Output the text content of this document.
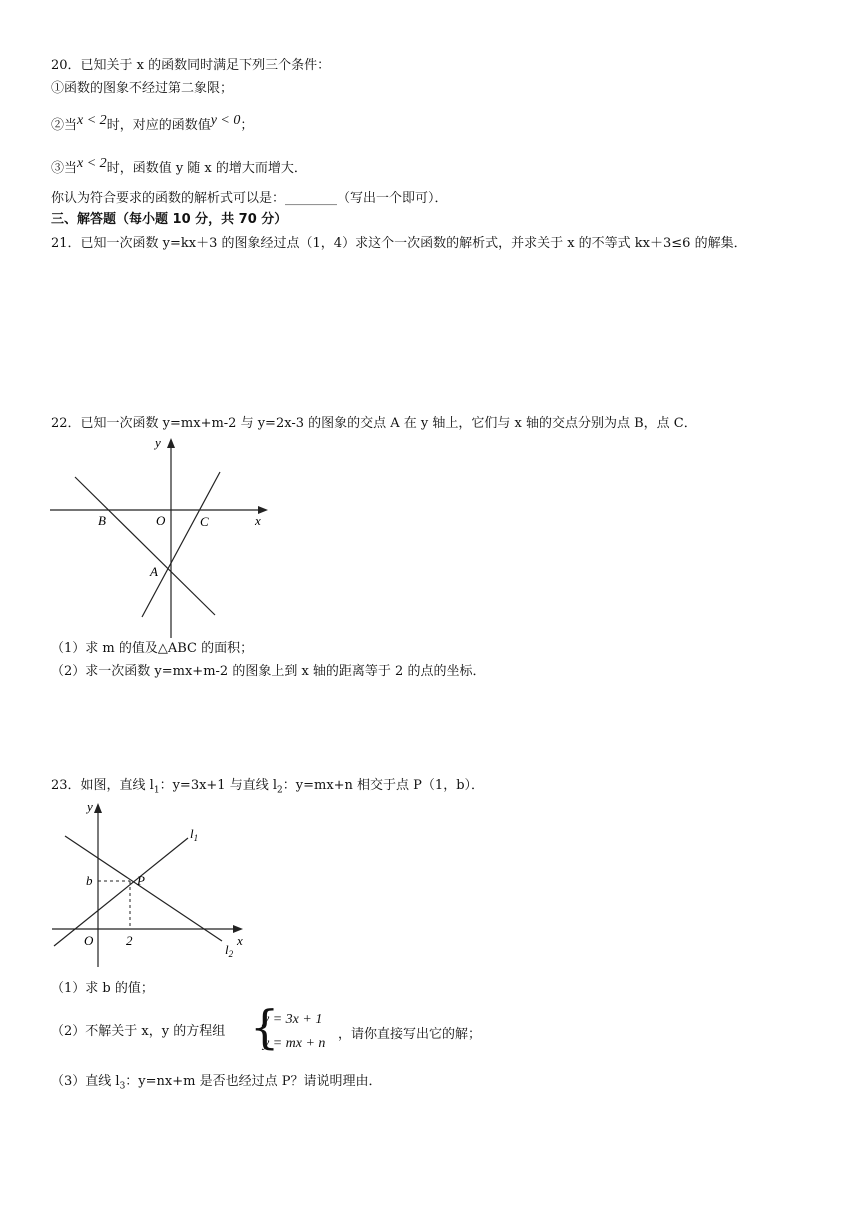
20．已知关于 x 的函数同时满足下列三个条件：
①函数的图象不经过第二象限；
②当x < 2时，对应的函数值y < 0；
③当x < 2时，函数值 y 随 x 的增大而增大．
你认为符合要求的函数的解析式可以是：________（写出一个即可）．
三、解答题（每小题 10 分，共 70 分）
21．已知一次函数 y=kx＋3 的图象经过点（1，4）求这个一次函数的解析式，并求关于 x 的不等式 kx＋3≤6 的解集．
22．已知一次函数 y=mx+m-2 与 y=2x-3 的图象的交点 A 在 y 轴上，它们与 x 轴的交点分别为点 B，点 C．
y
x
O
B	C
A
（1）求 m 的值及△ABC 的面积；
（2）求一次函数 y=mx+m-2 的图象上到 x 轴的距离等于 2 的点的坐标．
23．如图，直线 $l_1$：y=3x+1 与直线 $l_2$：y=mx+n 相交于点 P（1，b）．
y
x
O
b	P
2
$l_1$
$l_2$
（1）求 b 的值；
（2）不解关于 x，y 的方程组 {
y = 3x + 1
y = mx + n
，请你直接写出它的解；
（3）直线 $l_3$：y=nx+m 是否也经过点 P？请说明理由．
